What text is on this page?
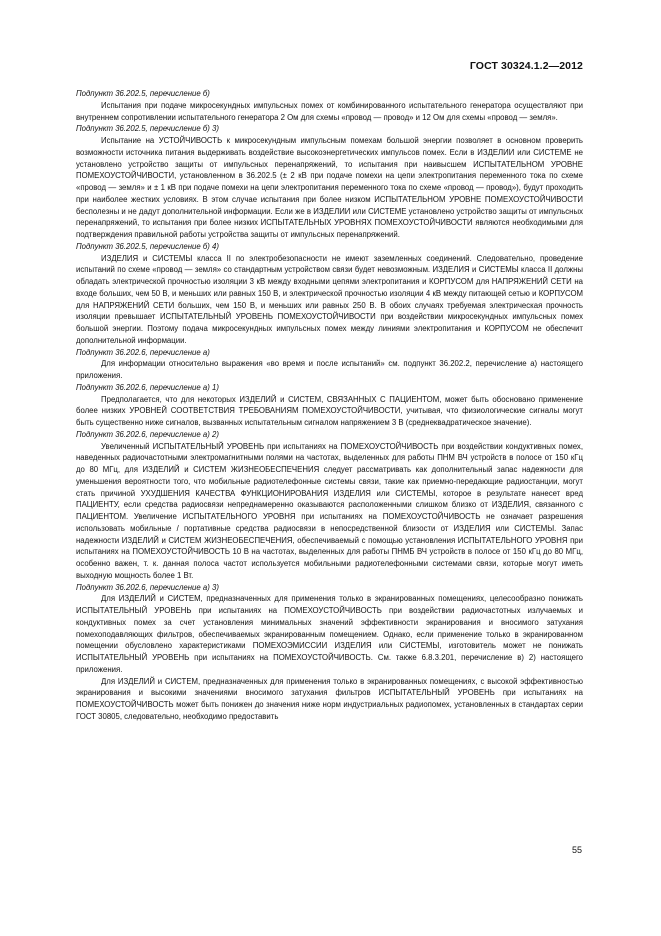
ГОСТ 30324.1.2—2012

Подпункт 36.202.5, перечисление б)

Испытания при подаче микросекундных импульсных помех от комбинированного испытательного генератора осуществляют при внутреннем сопротивлении испытательного генератора 2 Ом для схемы «провод — провод» и 12 Ом для схемы «провод — земля».

Подпункт 36.202.5, перечисление б) 3)

Испытание на УСТОЙЧИВОСТЬ к микросекундным импульсным помехам большой энергии позволяет в основном проверить возможности источника питания выдерживать воздействие высокоэнергетических импульсов помех. Если в ИЗДЕЛИИ или СИСТЕМЕ не установлено устройство защиты от импульсных перенапряжений, то испытания при наивысшем ИСПЫТАТЕЛЬНОМ УРОВНЕ ПОМЕХОУСТОЙЧИВОСТИ, установленном в 36.202.5 (± 2 кВ при подаче помехи на цепи электропитания переменного тока по схеме «провод — земля» и ± 1 кВ при подаче помехи на цепи электропитания переменного тока по схеме «провод — провод»), будут проходить при наиболее жестких условиях. В этом случае испытания при более низком ИСПЫТАТЕЛЬНОМ УРОВНЕ ПОМЕХОУСТОЙЧИВОСТИ бесполезны и не дадут дополнительной информации. Если же в ИЗДЕЛИИ или СИСТЕМЕ установлено устройство защиты от импульсных перенапряжений, то испытания при более низких ИСПЫТАТЕЛЬНЫХ УРОВНЯХ ПОМЕХОУСТОЙЧИВОСТИ являются необходимыми для подтверждения правильной работы устройства защиты от импульсных перенапряжений.

Подпункт 36.202.5, перечисление б) 4)

ИЗДЕЛИЯ и СИСТЕМЫ класса II по электробезопасности не имеют заземленных соединений. Следовательно, проведение испытаний по схеме «провод — земля» со стандартным устройством связи будет невозможным. ИЗДЕЛИЯ и СИСТЕМЫ класса II должны обладать электрической прочностью изоляции 3 кВ между входными цепями электропитания и КОРПУСОМ для НАПРЯЖЕНИЙ СЕТИ на входе больших, чем 50 В, и меньших или равных 150 В, и электрической прочностью изоляции 4 кВ между питающей сетью и КОРПУСОМ для НАПРЯЖЕНИЙ СЕТИ больших, чем 150 В, и меньших или равных 250 В. В обоих случаях требуемая электрическая прочность изоляции превышает ИСПЫТАТЕЛЬНЫЙ УРОВЕНЬ ПОМЕХОУСТОЙЧИВОСТИ при воздействии микросекундных импульсных помех большой энергии. Поэтому подача микросекундных импульсных помех между линиями электропитания и КОРПУСОМ не обеспечит дополнительной информации.

Подпункт 36.202.6, перечисление а)

Для информации относительно выражения «во время и после испытаний» см. подпункт 36.202.2, перечисление а) настоящего приложения.

Подпункт 36.202.6, перечисление а) 1)

Предполагается, что для некоторых ИЗДЕЛИЙ и СИСТЕМ, СВЯЗАННЫХ С ПАЦИЕНТОМ, может быть обосновано применение более низких УРОВНЕЙ СООТВЕТСТВИЯ ТРЕБОВАНИЯМ ПОМЕХОУСТОЙЧИВОСТИ, учитывая, что физиологические сигналы могут быть существенно ниже сигналов, вызванных испытательным сигналом напряжением 3 В (среднеквадратическое значение).

Подпункт 36.202.6, перечисление а) 2)

Увеличенный ИСПЫТАТЕЛЬНЫЙ УРОВЕНЬ при испытаниях на ПОМЕХОУСТОЙЧИВОСТЬ при воздействии кондуктивных помех, наведенных радиочастотными электромагнитными полями на частотах, выделенных для работы ПНМ ВЧ устройств в полосе от 150 кГц до 80 МГц, для ИЗДЕЛИЙ и СИСТЕМ ЖИЗНЕОБЕСПЕЧЕНИЯ следует рассматривать как дополнительный запас надежности для уменьшения вероятности того, что мобильные радиотелефонные системы связи, такие как приемно-передающие радиостанции, могут стать причиной УХУДШЕНИЯ КАЧЕСТВА ФУНКЦИОНИРОВАНИЯ ИЗДЕЛИЯ или СИСТЕМЫ, которое в результате нанесет вред ПАЦИЕНТУ, если средства радиосвязи непреднамеренно оказываются расположенными слишком близко от ИЗДЕЛИЯ, связанного с ПАЦИЕНТОМ. Увеличение ИСПЫТАТЕЛЬНОГО УРОВНЯ при испытаниях на ПОМЕХОУСТОЙЧИВОСТЬ не означает разрешения использовать мобильные / портативные средства радиосвязи в непосредственной близости от ИЗДЕЛИЯ или СИСТЕМЫ. Запас надежности ИЗДЕЛИЙ и СИСТЕМ ЖИЗНЕОБЕСПЕЧЕНИЯ, обеспечиваемый с помощью установления ИСПЫТАТЕЛЬНОГО УРОВНЯ при испытаниях на ПОМЕХОУСТОЙЧИВОСТЬ 10 В на частотах, выделенных для работы ПНМБ ВЧ устройств в полосе от 150 кГц до 80 МГц, особенно важен, т. к. данная полоса частот используется мобильными радиотелефонными системами связи, которые могут иметь выходную мощность более 1 Вт.

Подпункт 36.202.6, перечисление а) 3)

Для ИЗДЕЛИЙ и СИСТЕМ, предназначенных для применения только в экранированных помещениях, целесообразно понижать ИСПЫТАТЕЛЬНЫЙ УРОВЕНЬ при испытаниях на ПОМЕХОУСТОЙЧИВОСТЬ при воздействии радиочастотных излучаемых и кондуктивных помех за счет установления минимальных значений эффективности экранирования и вносимого затухания помехоподавляющих фильтров, обеспечиваемых экранированным помещением. Однако, если применение только в экранированном помещении обусловлено характеристиками ПОМЕХОЭМИССИИ ИЗДЕЛИЯ или СИСТЕМЫ, изготовитель может не понижать ИСПЫТАТЕЛЬНЫЙ УРОВЕНЬ при испытаниях на ПОМЕХОУСТОЙЧИВОСТЬ. См. также 6.8.3.201, перечисление в) 2) настоящего приложения.

Для ИЗДЕЛИЙ и СИСТЕМ, предназначенных для применения только в экранированных помещениях, с высокой эффективностью экранирования и высокими значениями вносимого затухания фильтров ИСПЫТАТЕЛЬНЫЙ УРОВЕНЬ при испытаниях на ПОМЕХОУСТОЙЧИВОСТЬ может быть понижен до значения ниже норм индустриальных радиопомех, установленных в стандартах серии ГОСТ 30805, следовательно, необходимо предоставить

55
